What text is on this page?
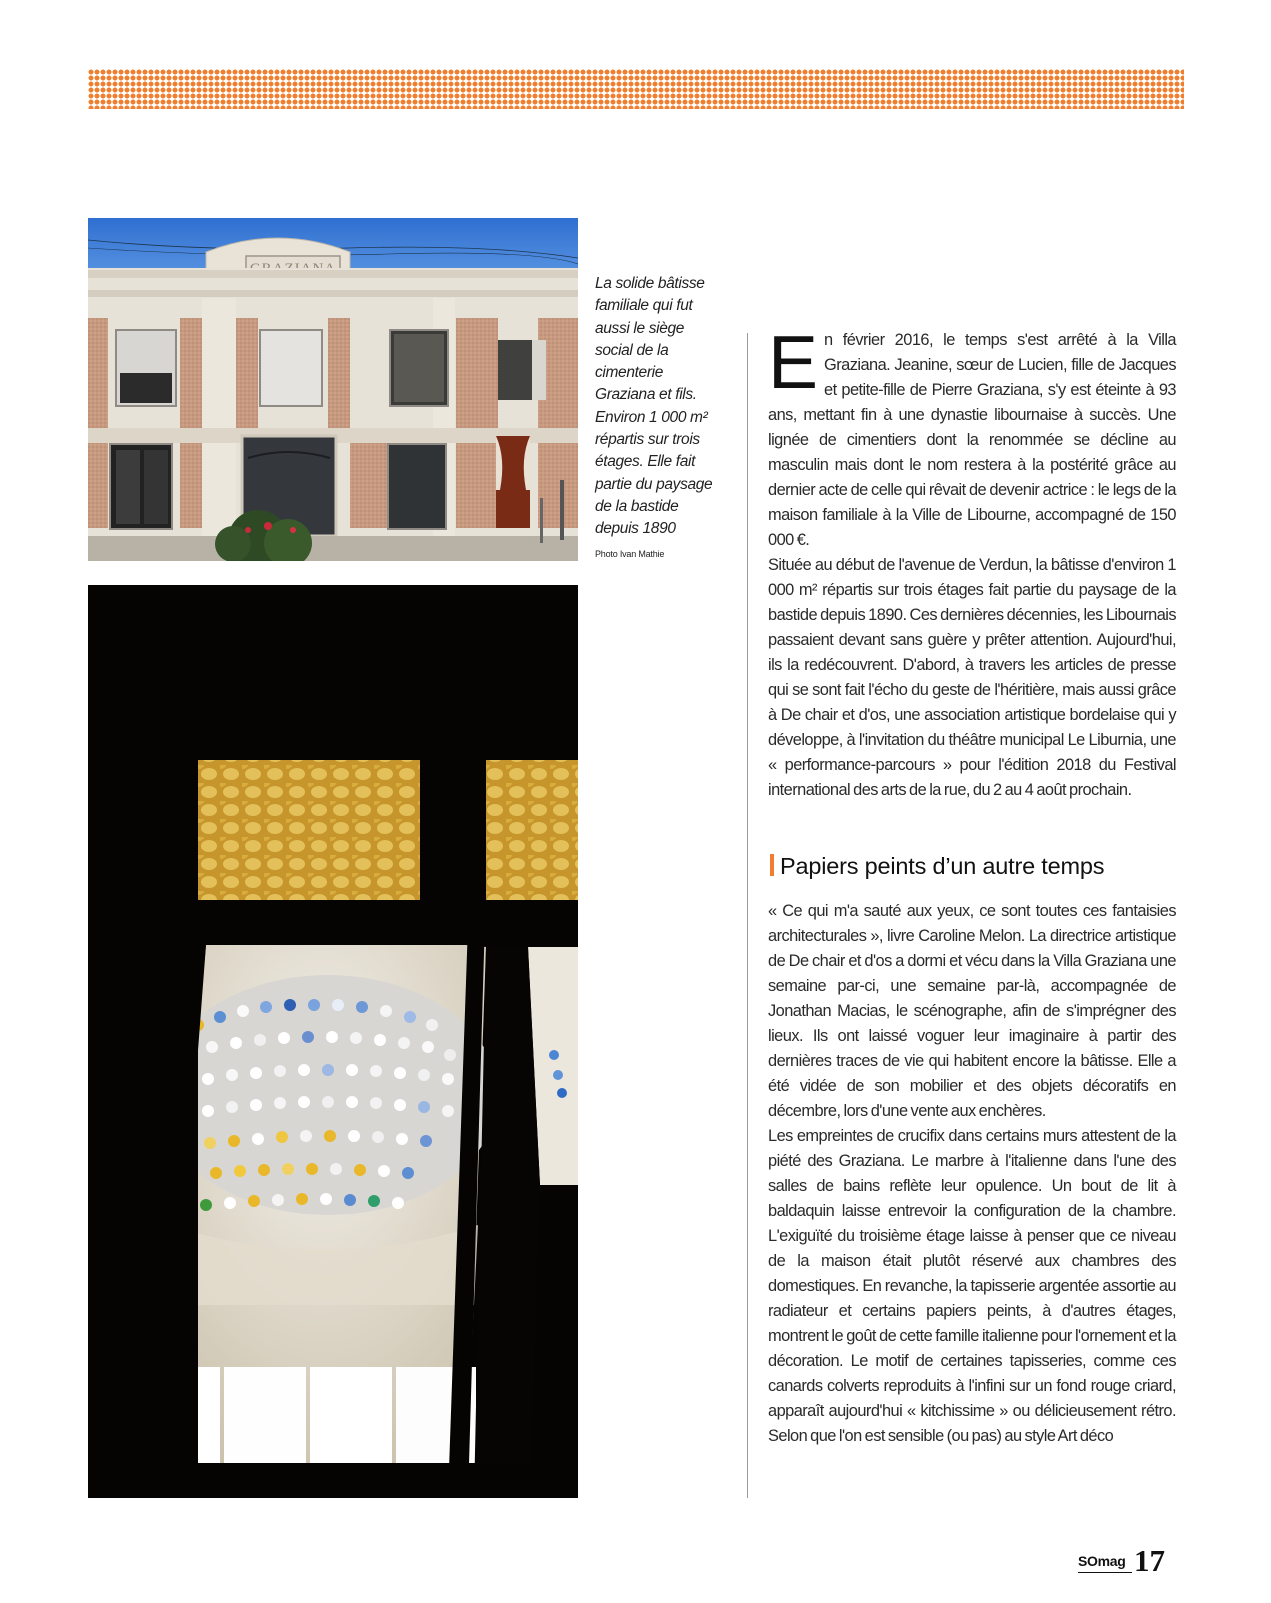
La solide bâtisse familiale qui fut aussi le siège social de la cimenterie Graziana et fils. Environ 1 000 m² répartis sur trois étages. Elle fait partie du paysage de la bastide depuis 1890
Photo Ivan Mathie

En février 2016, le temps s'est arrêté à la Villa Graziana. Jeanine, sœur de Lucien, fille de Jacques et petite-fille de Pierre Graziana, s'y est éteinte à 93 ans, mettant fin à une dynastie libournaise à succès. Une lignée de cimentiers dont la renommée se décline au masculin mais dont le nom restera à la postérité grâce au dernier acte de celle qui rêvait de devenir actrice : le legs de la maison familiale à la Ville de Libourne, accompagné de 150 000 €.

Située au début de l'avenue de Verdun, la bâtisse d'environ 1 000 m² répartis sur trois étages fait partie du paysage de la bastide depuis 1890. Ces dernières décennies, les Libournais passaient devant sans guère y prêter attention. Aujourd'hui, ils la redécouvrent. D'abord, à travers les articles de presse qui se sont fait l'écho du geste de l'héritière, mais aussi grâce à De chair et d'os, une association artistique bordelaise qui y développe, à l'invitation du théâtre municipal Le Liburnia, une « performance-parcours » pour l'édition 2018 du Festival international des arts de la rue, du 2 au 4 août prochain.

Papiers peints d’un autre temps

« Ce qui m'a sauté aux yeux, ce sont toutes ces fantaisies architecturales », livre Caroline Melon. La directrice artistique de De chair et d'os a dormi et vécu dans la Villa Graziana une semaine par-ci, une semaine par-là, accompagnée de Jonathan Macias, le scénographe, afin de s'imprégner des lieux. Ils ont laissé voguer leur imaginaire à partir des dernières traces de vie qui habitent encore la bâtisse. Elle a été vidée de son mobilier et des objets décoratifs en décembre, lors d'une vente aux enchères.

Les empreintes de crucifix dans certains murs attestent de la piété des Graziana. Le marbre à l'italienne dans l'une des salles de bains reflète leur opulence. Un bout de lit à baldaquin laisse entrevoir la configuration de la chambre. L'exiguïté du troisième étage laisse à penser que ce niveau de la maison était plutôt réservé aux chambres des domestiques. En revanche, la tapisserie argentée assortie au radiateur et certains papiers peints, à d'autres étages, montrent le goût de cette famille italienne pour l'ornement et la décoration. Le motif de certaines tapisseries, comme ces canards colverts reproduits à l'infini sur un fond rouge criard, apparaît aujourd'hui « kitchissime » ou délicieusement rétro. Selon que l'on est sensible (ou pas) au style Art déco

SOmag 17
